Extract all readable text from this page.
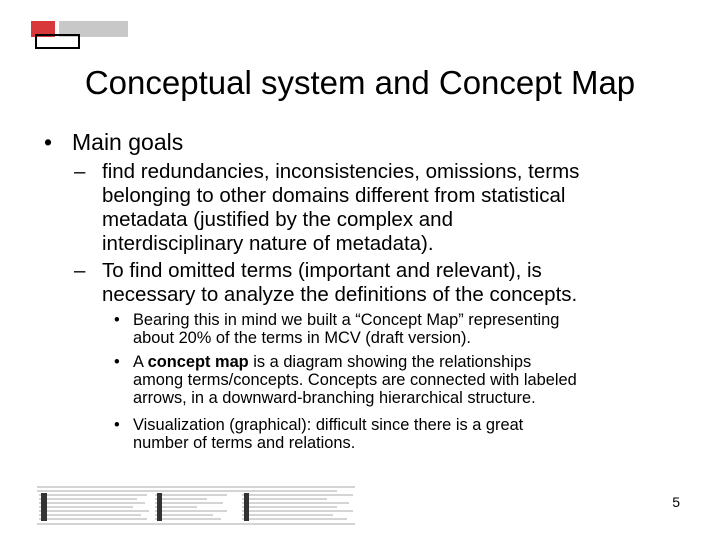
Conceptual system and Concept Map
• Main goals
– find redundancies, inconsistencies, omissions, terms
belonging to other domains different from statistical
metadata (justified by the complex and
interdisciplinary nature of metadata).
– To find omitted terms (important and relevant), is
necessary to analyze the definitions of the concepts.
• Bearing this in mind we built a “Concept Map” representing
about 20% of the terms in MCV (draft version).
• A concept map is a diagram showing the relationships
among terms/concepts. Concepts are connected with labeled
arrows, in a downward-branching hierarchical structure.
• Visualization (graphical): difficult since there is a great
number of terms and relations.
5
